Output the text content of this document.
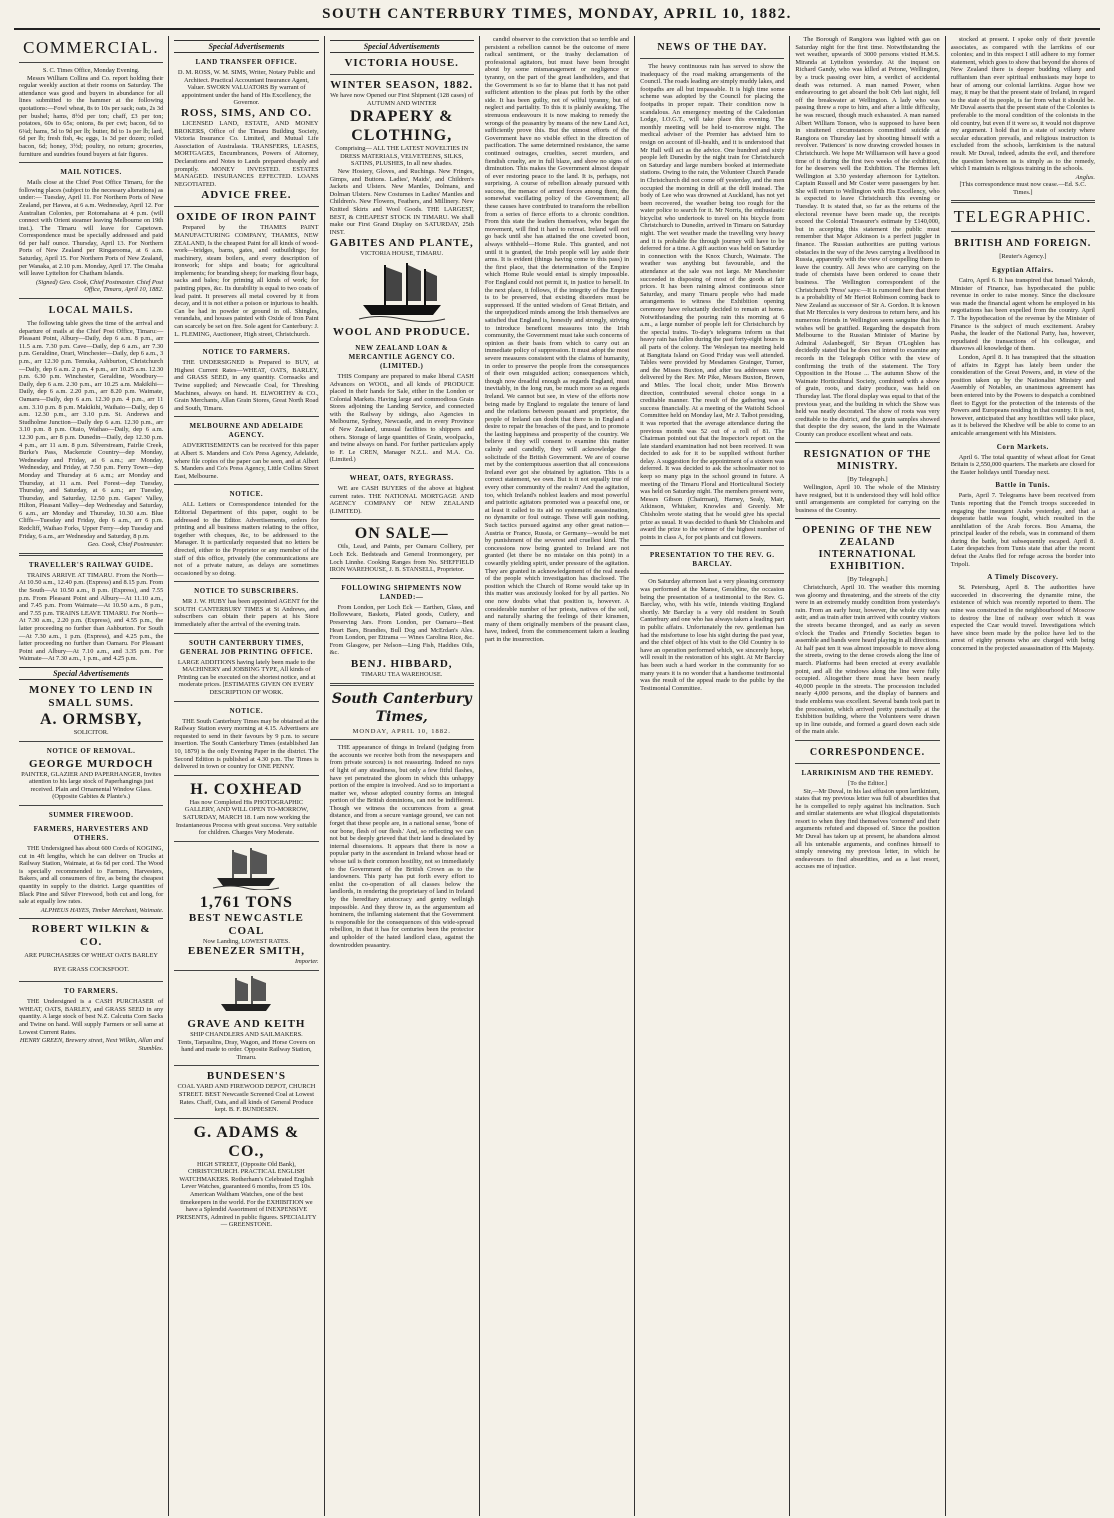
SOUTH CANTERBURY TIMES, MONDAY, APRIL 10, 1882.
COMMERCIAL.
S. C. Times Office, Monday Evening.

Messrs William Collins and Co. report holding their regular weekly auction at their rooms on Saturday. The attendance was good and buyers in abundance for all lines submitted to the hammer at the following quotations:—Fowl wheat, 8s to 10s per sack; oats, 2s 3d per bushel; hams, 8½d per ton; chaff, £3 per ton; potatoes, 60s to 65s; onions, 8s per cwt; bacon, 6d to 6¼d; hams, 5d to 9d per lb; butter, 8d to 1s per lb; lard, 6d per lb; fresh fish, 4s; eggs, 1s 3d per dozen; rolled bacon, 6d; honey, 3½d; poultry, no return; groceries, furniture and sundries found buyers at fair figures.

MAIL NOTICES.

Mails close at the Chief Post Office Timaru, for the following places (subject to the necessary alterations) as under:— Tuesday, April 11. For Northern Ports of New Zealand, per Hawea, at 6 a.m. Wednesday, April 12. For Australian Colonies, per Rotomahana at 4 p.m. (will connect with Orient steamer leaving Melbourne on 19th inst.). The Timaru will leave for Capetown. Correspondence must be specially addressed and paid 6d per half ounce. Thursday, April 13. For Northern Ports of New Zealand per Ringarooma, at 6 a.m. Saturday, April 15. For Northern Ports of New Zealand, per Wanaka, at 2.10 p.m. Monday, April 17. The Omaha will leave Lyttelton for Chatham Islands.

(Signed) Geo. Cook, Chief Postmaster. Chief Post Office, Timaru, April 10, 1882.

LOCAL MAILS.

The following table gives the time of the arrival and departure of mails at the Chief Post Office, Timaru:— Pleasant Point, Albury—Daily, dep 6 a.m. 8 p.m., arr 11.5 a.m. 7.30 p.m. Cave—Daily, dep 6 a.m., arr 7.30 p.m. Geraldine, Orari, Winchester—Daily, dep 6 a.m., 3 p.m., arr 12.30 p.m. Temuka, Ashburton, Christchurch—Daily, dep 6 a.m. 2 p.m. 4 p.m., arr 10.25 a.m. 12.30 p.m. 6.30 p.m. Winchester, Geraldine, Woodbury—Daily, dep 6 a.m. 2.30 p.m., arr 10.25 a.m. Makikihi—Daily, dep 6 a.m. 2.20 p.m., arr 8.20 p.m. Waimate, Oamaru—Daily, dep 6 a.m. 12.30 p.m. 4 p.m., arr 11 a.m. 3.10 p.m. 8 p.m. Makikihi, Waihaio—Daily, dep 6 a.m. 12.30 p.m., arr 3.10 p.m. St. Andrews and Studholme Junction—Daily dep 6 a.m. 12.30 p.m., arr 3.10 p.m. 8 p.m. Otaio, Waihao—Daily, dep 6 a.m. 12.30 p.m., arr 8 p.m. Dunedin—Daily, dep 12.30 p.m. 4 p.m., arr 11 a.m. 8 p.m. Silverstream, Fairlie Creek, Burke's Pass, Mackenzie Country—dep Monday, Wednesday and Friday, at 6 a.m.; arr Monday, Wednesday, and Friday, at 7.50 p.m. Ferry Town—dep Monday and Thursday at 6 a.m.; arr Monday and Thursday, at 11 a.m. Peel Forest—dep Tuesday, Thursday, and Saturday, at 6 a.m.; arr Tuesday, Thursday, and Saturday, 12.50 p.m. Gapes' Valley, Hilton, Pleasant Valley—dep Wednesday and Saturday, 6 a.m., arr Monday and Thursday, 10.30 a.m. Blue Cliffs—Tuesday and Friday, dep 6 a.m., arr 6 p.m. Redcliff, Waihao Forks, Upper Ferry—dep Tuesday and Friday, 6 a.m., arr Wednesday and Saturday, 8 p.m.

Geo. Cook, Chief Postmaster.

TRAVELLER'S RAILWAY GUIDE.

TRAINS ARRIVE AT TIMARU. From the North—At 10.50 a.m., 12.40 p.m. (Express) and 8.15 p.m. From the South—At 10.50 a.m., 8 p.m. (Express), and 7.55 p.m. From Pleasant Point and Albury—At 11.10 a.m., and 7.45 p.m. From Waimate—At 10.50 a.m., 8 p.m., and 7.55 p.m. TRAINS LEAVE TIMARU. For North—At 7.30 a.m., 2.20 p.m. (Express), and 4.55 p.m., the latter proceeding no further than Ashburton. For South—At 7.30 a.m., 1 p.m. (Express), and 4.25 p.m., the latter proceeding no further than Oamaru. For Pleasant Point and Albury—At 7.10 a.m., and 3.35 p.m. For Waimate—At 7.30 a.m., 1 p.m., and 4.25 p.m.

Special Advertisements
MONEY TO LEND IN SMALL SUMS.
A. ORMSBY,
SOLICITOR.
NOTICE OF REMOVAL.
GEORGE MURDOCH

PAINTER, GLAZIER AND PAPERHANGER, Invites attention to his large stock of Paperhangings just received. Plain and Ornamental Window Glass. (Opposite Gabites & Plante's.)

SUMMER FIREWOOD.
FARMERS, HARVESTERS AND OTHERS.

THE Undersigned has about 600 Cords of KOGING, cut in 4ft lengths, which he can deliver on Trucks at Railway Station, Waimate, at 6s 6d per cord. The Wood is specially recommended to Farmers, Harvesters, Bakers, and all consumers of fire, as being the cheapest quantity in supply to the district. Large quantities of Black Pine and Silver Firewood, both cut and long, for sale at equally low rates.

ALPHEUS HAYES, Timber Merchant, Waimate.

ROBERT WILKIN & CO.

ARE PURCHASERS OF WHEAT OATS BARLEY RYE GRASS COCKSFOOT.

TO FARMERS.

THE Undersigned is a CASH PURCHASER of WHEAT, OATS, BARLEY, and GRASS SEED in any quantity. A large stock of best N.Z. Calcutta Corn Sacks and Twine on hand. Will supply Farmers or sell same at Lowest Current Rates.

HENRY GREEN, Brewery street, Next Wilkin, Allan and Stumbles.

Special Advertisements
LAND TRANSFER OFFICE.

D. M. ROSS, W. M. SIMS, Writer, Notary Public and Architect. Practical Accountant Insurance Agent, Valuer. SWORN VALUATORS By warrant of appointment under the hand of His Excellency, the Governor.

ROSS, SIMS, AND CO.

LICENSED LAND, ESTATE, AND MONEY BROKERS, Office of the Timaru Building Society, Victoria Insurance Co. Limited, and Mutual Life Association of Australasia. TRANSFERS, LEASES, MORTGAGES, Encumbrances, Powers of Attorney, Declarations and Notes to Lands prepared cheaply and promptly. MONEY INVESTED. ESTATES MANAGED. INSURANCES EFFECTED. LOANS NEGOTIATED.

ADVICE FREE.
OXIDE OF IRON PAINT

Prepared by the THAMES PAINT MANUFACTURING COMPANY, THAMES, NEW ZEALAND, Is the cheapest Paint for all kinds of wood-work—bridges, barns, gates, and outbuildings; for machinery, steam boilers, and every description of ironwork; for ships and boats; for agricultural implements; for branding sheep; for marking flour bags, sacks and bales; for priming all kinds of work; for painting pipes, &c. Its durability is equal to two coats of lead paint. It preserves all metal covered by it from decay, and it is not either a poison or injurious to health. Can be had in powder or ground in oil. Shingles, verandahs, and houses painted with Oxide of Iron Paint can scarcely be set on fire. Sole agent for Canterbury: J. L. FLEMING, Auctioneer, High street, Christchurch.

NOTICE TO FARMERS.

THE UNDERSIGNED is Prepared to BUY, at Highest Current Rates—WHEAT, OATS, BARLEY, and GRASS SEED, in any quantity. Cornsacks and Twine supplied; and Newcastle Coal, for Threshing Machines, always on hand. H. ELWORTHY & CO., Grain Merchants, Allan Grain Stores, Great North Road and South, Timaru.

MELBOURNE AND ADELAIDE AGENCY.

ADVERTISEMENTS can be received for this paper at Albert S. Manders and Co's Press Agency, Adelaide, where file copies of the paper can be seen, and at Albert S. Manders and Co's Press Agency, Little Collins Street East, Melbourne.

NOTICE.

ALL Letters or Correspondence intended for the Editorial Department of this paper, ought to be addressed to the Editor. Advertisements, orders for printing and all business matters relating to the office, together with cheques, &c, to be addressed to the Manager. It is particularly requested that no letters be directed, either to the Proprietor or any member of the staff of this office, privately (the communications are not of a private nature, as delays are sometimes occasioned by so doing.

NOTICE TO SUBSCRIBERS.

MR J. W. HUBY has been appointed AGENT for the SOUTH CANTERBURY TIMES at St Andrews, and subscribers can obtain their papers at his Store immediately after the arrival of the evening train.

SOUTH CANTERBURY TIMES, GENERAL JOB PRINTING OFFICE.

LARGE ADDITIONS having lately been made to the MACHINERY and JOBBING TYPE, All kinds of Printing can be executed on the shortest notice, and at moderate prices. [ESTIMATES GIVEN ON EVERY DESCRIPTION OF WORK.

NOTICE.

THE South Canterbury Times may be obtained at the Railway Station every morning at 4.15. Advertisers are requested to send in their favours by 9 p.m. to secure insertion. The South Canterbury Times (established Jan 10, 1879) is the only Evening Paper in the district. The Second Edition is published at 4.30 p.m. The Times is delivered in town or country for ONE PENNY.

H. COXHEAD

Has now Completed His PHOTOGRAPHIC GALLERY, AND WILL OPEN TO-MORROW, SATURDAY, MARCH 18. I am now working the Instantaneous Process with great success. Very suitable for children. Charges Very Moderate.

1,761 TONS
BEST NEWCASTLE COAL
Now Landing, LOWEST RATES.
EBENEZER SMITH,
Importer.
GRAVE AND KEITH
SHIP CHANDLERS AND SAILMAKERS.

Tents, Tarpaulins, Dray, Wagon, and Horse Covers on hand and made to order. Opposite Railway Station, Timaru.

BUNDESEN'S

COAL YARD AND FIREWOOD DEPOT, CHURCH STREET. BEST Newcastle Screened Coal at Lowest Rates. Chaff, Oats, and all kinds of General Produce kept. B. F. BUNDESEN.

G. ADAMS & CO.,

HIGH STREET, (Opposite Old Bank), CHRISTCHURCH. PRACTICAL ENGLISH WATCHMAKERS. Rotherham's Celebrated English Lever Watches, guaranteed 6 months, from £5 10s. American Waltham Watches, one of the best timekeepers in the world. For the EXHIBITION we have a Splendid Assortment of INEXPENSIVE PRESENTS, Admired in public figures. SPECIALITY — GREENSTONE.

Special Advertisements
VICTORIA HOUSE.
WINTER SEASON, 1882.

We have now Opened our First Shipment (128 cases) of AUTUMN AND WINTER

DRAPERY & CLOTHING,

Comprising— ALL THE LATEST NOVELTIES IN DRESS MATERIALS, VELVETEENS, SILKS, SATINS, PLUSHES, In all new shades.

New Hosiery, Gloves, and Ruchings. New Fringes, Gimps, and Buttons. Ladies', Maids', and Children's Jackets and Ulsters. New Mantles, Dolmans, and Dolman Ulsters. New Costumes in Ladies' Mantles and Children's. New Flowers, Feathers, and Millinery. New Knitted Skirts and Wool Goods. THE LARGEST, BEST, & CHEAPEST STOCK IN TIMARU. We shall make our First Grand Display on SATURDAY, 25th INST.

GABITES AND PLANTE,
VICTORIA HOUSE, TIMARU.
WOOL AND PRODUCE.
NEW ZEALAND LOAN & MERCANTILE AGENCY CO. (LIMITED.)

THIS Company are prepared to make liberal CASH Advances on WOOL, and all kinds of PRODUCE placed in their hands for Sale, either in the London or Colonial Markets. Having large and commodious Grain Stores adjoining the Landing Service, and connected with the Railway by sidings, also Agencies in Melbourne, Sydney, Newcastle, and in every Province of New Zealand, unusual facilities to shippers and others. Storage of large quantities of Grain, woolpacks, and twine always on hand. For further particulars apply to F. Le CREN, Manager N.Z.L. and M.A. Co. (Limited.)

WHEAT, OATS, RYEGRASS.

WE are CASH BUYERS of the above at highest current rates. THE NATIONAL MORTGAGE AND AGENCY COMPANY OF NEW ZEALAND (LIMITED).

ON SALE—

Oils, Lead, and Paints, per Oamaru Colliery, per Loch Eck. Bedsteads and General Ironmongery, per Loch Linnhe. Cooking Ranges from No. SHEFFIELD IRON WAREHOUSE, J. B. STANSELL, Proprietor.

FOLLOWING SHIPMENTS NOW LANDED:—

From London, per Loch Eck — Earthen, Glass, and Hollowware, Baskets, Plated goods, Cutlery, and Preserving Jars. From London, per Oamaru—Best Heart Bars, Brandies, Bull Dog and McErdan's Ales. From London, per Ettrama — Wines Carolina Rice, &c. From Glasgow, per Nelson—Ling Fish, Haddies Oils, &c.

BENJ. HIBBARD,
TIMARU TEA WAREHOUSE.
South Canterbury Times,
MONDAY, APRIL 10, 1882.

THE appearance of things in Ireland (judging from the accounts we receive both from the newspapers and from private sources) is not reassuring. Indeed no rays of light of any steadiness, but only a few fitful flashes, have yet penetrated the gloom in which this unhappy portion of the empire is involved. And so to important a matter we, whose adopted country forms an integral portion of the British dominions, can not be indifferent. Though we witness the occurrences from a great distance, and from a secure vantage ground, we can not forget that these people are, in a national sense, 'bone of our bone, flesh of our flesh.' And, so reflecting we can not but be deeply grieved that their land is desolated by internal dissensions. It appears that there is now a popular party in the ascendant in Ireland whose head or whose tail is their common hostility, not so immediately to the Government of the British Crown as to the landowners. This party has put forth every effort to enlist the co-operation of all classes below the landlords, in rendering the proprietary of land in Ireland by the hereditary aristocracy and gentry wellnigh impossible. And they throw in, as the argumentum ad hominem, the inflaming statement that the Government is responsible for the consequences of this wide-spread rebellion, in that it has for centuries been the protector and upholder of the hated landlord class, against the downtrodden peasantry.

candid observer to the conviction that so terrible and persistent a rebellion cannot be the outcome of mere radical sentiment, or the trashy declamation of professional agitators, but must have been brought about by some mismanagement or negligence or tyranny, on the part of the great landholders, and that the Government is so far to blame that it has not paid sufficient attention to the pleas put forth by the other side. It has been guilty, not of wilful tyranny, but of neglect and partiality. To this it is plainly awaking. The strenuous endeavours it is now making to remedy the wrongs of the peasantry by means of the new Land Act, sufficiently prove this. But the utmost efforts of the Government have no visible effect in the direction of pacification. The same determined resistance, the same continued outrages, cruelties, secret murders, and fiendish cruelty, are in full blaze, and show no signs of diminution. This makes the Government almost despair of ever restoring peace to the land. It is, perhaps, not surprising. A course of rebellion already pursued with success, the menace of armed forces among them, the somewhat vacillating policy of the Government; all these causes have contributed to transform the rebellion from a series of fierce efforts to a chronic condition. From this state the leaders themselves, who began the movement, will find it hard to retreat. Ireland will not go back until she has attained the one coveted boon, always withheld—Home Rule. This granted, and not until it is granted, the Irish people will lay aside their arms. It is evident (things having come to this pass) in the first place, that the determination of the Empire which Home Rule would entail is simply impossible. For England could not permit it, in justice to herself. In the next place, it follows, if the integrity of the Empire is to be preserved, that existing disorders must be suppressed. If the united wisdom of Great Britain, and the unprejudiced minds among the Irish themselves are satisfied that England is, honestly and strongly, striving to introduce beneficent measures into the Irish community, the Government must take such concerns of opinion as their basis from which to carry out an immediate policy of suppression. It must adopt the most severe measures consistent with the claims of humanity, in order to preserve the people from the consequences of their own misguided action; consequences which, though now dreadful enough as regards England, must inevitably, in the long run, be much more so as regards Ireland. We cannot but see, in view of the efforts now being made by England to regulate the tenure of land and the relations between peasant and proprietor, the people of Ireland can doubt that there is in England a desire to repair the breaches of the past, and to promote the lasting happiness and prosperity of the country. We believe if they will consent to examine this matter calmly and candidly, they will acknowledge the solicitude of the British Government. We are of course met by the contemptuous assertion that all concessions Ireland ever got she obtained by agitation. This is a correct statement, we own. But is it not equally true of every other community of the realm? And the agitation, too, which Ireland's noblest leaders and most powerful and patriotic agitators promoted was a peaceful one, or at least it called to its aid no systematic assassination, no dynamite or foul outrage. These will gain nothing. Such tactics pursued against any other great nation—Austria or France, Russia, or Germany—would be met by punishment of the severest and cruellest kind. The concessions now being granted to Ireland are not granted (let there be no mistake on this point) in a cowardly yielding spirit, under pressure of the agitation. They are granted in acknowledgement of the real needs of the people which investigation has disclosed. The position which the Church of Rome would take up in this matter was anxiously looked for by all parties. No one now doubts what that position is, however. A considerable number of her priests, natives of the soil, and naturally sharing the feelings of their kinsmen, many of them originally members of the peasant class, have, indeed, from the commencement taken a leading part in the insurrection.

NEWS OF THE DAY.

The heavy continuous rain has served to show the inadequacy of the road making arrangements of the Council. The roads leading are simply muddy lakes, and footpaths are all but impassable. It is high time some scheme was adopted by the Council for placing the footpaths in proper repair. Their condition now is scandalous. An emergency meeting of the Caledonian Lodge, I.O.G.T., will take place this evening. The monthly meeting will be held to-morrow night. The medical adviser of the Premier has advised him to resign on account of ill-health, and it is understood that Mr Hall will act as the advice. One hundred and sixty people left Dunedin by the night train for Christchurch on Saturday and large numbers booked at intermediate stations. Owing to the rain, the Volunteer Church Parade in Christchurch did not come off yesterday, and the men occupied the morning in drill at the drill instead. The body of Lee who was drowned at Auckland, has not yet been recovered, the weather being too rough for the water police to search for it. Mr Norris, the enthusiastic bicyclist who undertook to travel on his bicycle from Christchurch to Dunedin, arrived in Timaru on Saturday night. The wet weather made the travelling very heavy and it is probable the through journey will have to be deferred for a time. A gift auction was held on Saturday in connection with the Knox Church, Waimate. The weather was anything but favourable, and the attendance at the sale was not large. Mr Manchester succeeded in disposing of most of the goods at fair prices. It has been raining almost continuous since Saturday, and many Timaru people who had made arrangements to witness the Exhibition opening ceremony have reluctantly decided to remain at home. Notwithstanding the pouring rain this morning at 6 a.m., a large number of people left for Christchurch by the special trains. To-day's telegrams inform us that heavy rain has fallen during the past forty-eight hours in all parts of the colony. The Wesleyan tea meeting held at Bangitata Island on Good Friday was well attended. Tables were provided by Mesdames Grainger, Turner, and the Misses Buxton, and after tea addresses were delivered by the Rev. Mr Pike, Messrs Buxton, Brown, and Miles. The local choir, under Miss Brown's direction, contributed several choice songs in a creditable manner. The result of the gathering was a success financially. At a meeting of the Waitohi School Committee held on Monday last, Mr J. Talbot presiding, it was reported that the average attendance during the previous month was 52 out of a roll of 81. The Chairman pointed out that the Inspector's report on the late standard examination had not been received. It was decided to ask for it to be supplied without further delay. A suggestion for the appointment of a sixteen was deferred. It was decided to ask the schoolmaster not to keep so many pigs in the school ground in future. A meeting of the Timaru Floral and Horticultural Society was held on Saturday night. The members present were, Messrs Gibson (Chairman), Harney, Sealy, Mair, Atkinson, Whitaker, Knowles and Greenly. Mr Chisholm wrote stating that he would give his special prize as usual. It was decided to thank Mr Chisholm and award the prize to the winner of the highest number of points in class A, for pot plants and cut flowers.

PRESENTATION TO THE REV. G. BARCLAY.

On Saturday afternoon last a very pleasing ceremony was performed at the Manse, Geraldine, the occasion being the presentation of a testimonial to the Rev. G. Barclay, who, with his wife, intends visiting England shortly. Mr Barclay is a very old resident in South Canterbury and one who has always taken a leading part in public affairs. Unfortunately the rev. gentleman has had the misfortune to lose his sight during the past year, and the chief object of his visit to the Old Country is to have an operation performed which, we sincerely hope, will result in the restoration of his sight. At Mr Barclay has been such a hard worker in the community for so many years it is no wonder that a handsome testimonial was the result of the appeal made to the public by the Testimonial Committee.

The Borough of Rangiora was lighted with gas on Saturday night for the first time. Notwithstanding the wet weather, upwards of 3000 persons visited H.M.S. Miranda at Lyttelton yesterday. At the inquest on Richard Gandy, who was killed at Petone, Wellington, by a truck passing over him, a verdict of accidental death was returned. A man named Power, when endeavouring to get aboard the bolt Orb last night, fell off the breakwater at Wellington. A lady who was passing threw a rope to him, and after a little difficulty, he was rescued, though much exhausted. A man named Albert William Tonson, who is supposed to have been in straitened circumstances committed suicide at Rangiora on Thursday last by shooting himself with a revolver. 'Patiences' is now drawing crowded houses in Christchurch. We hope Mr Williamson will have a good time of it during the first two weeks of the exhibition, for he deserves well the Exhibition. The Hermes left Wellington at 3.30 yesterday afternoon for Lyttelton. Captain Russell and Mr Coster were passengers by her. She will return to Wellington with His Excellency, who is expected to leave Christchurch this evening or Tuesday. It is stated that, so far as the returns of the electoral revenue have been made up, the receipts exceed the Colonial Treasurer's estimate by £140,000, but in accepting this statement the public must remember that Major Atkinson is a perfect juggler in finance. The Russian authorities are putting various obstacles in the way of the Jews carrying a livelihood in Russia, apparently with the view of compelling them to leave the country. All Jews who are carrying on the trade of chemists have been ordered to cease their business. The Wellington correspondent of the Christchurch 'Press' says:—It is rumored here that there is a probability of Mr Heriot Robinson coming back to New Zealand as successor of Sir A. Gordon. It is known that Mr Hercules is very desirous to return here, and his numerous friends in Wellington seem sanguine that his wishes will be gratified. Regarding the despatch from Melbourne to the Russian Minister of Marine by Admiral Aslanbegoff, Sir Bryan O'Loghlen has decidedly stated that he does not intend to examine any records in the Telegraph Office with the view of confirming the truth of the statement. The Tory Opposition in the House ... The autumn Show of the Waimate Horticultural Society, combined with a show of grain, roots, and dairy produce, was held on Thursday last. The floral display was equal to that of the previous year, and the building in which the Show was held was neatly decorated. The show of roots was very creditable to the district, and the grain samples showed that despite the dry season, the land in the Waimate County can produce excellent wheat and oats.

RESIGNATION OF THE MINISTRY.
[By Telegraph.]

Wellington, April 10. The whole of the Ministry have resigned, but it is understood they will hold office until arrangements are completed for carrying on the business of the Country.

OPENING OF THE NEW ZEALAND INTERNATIONAL EXHIBITION.
[By Telegraph.]

Christchurch, April 10. The weather this morning was gloomy and threatening, and the streets of the city were in an extremely muddy condition from yesterday's rain. From an early hour, however, the whole city was astir, and as train after train arrived with country visitors the streets became thronged, and as early as seven o'clock the Trades and Friendly Societies began to assemble and bands were heard playing in all directions. At half past ten it was almost impossible to move along the streets, owing to the dense crowds along the line of march. Platforms had been erected at every available point, and all the windows along the line were fully occupied. Altogether there must have been nearly 40,000 people in the streets. The procession included nearly 4,000 persons, and the display of banners and trade emblems was excellent. Several bands took part in the procession, which arrived pretty punctually at the Exhibition building, where the Volunteers were drawn up in line outside, and formed a guard down each side of the main aisle.

CORRESPONDENCE.
LARRIKINISM AND THE REMEDY.
[To the Editor.]

Sir,—Mr Duval, in his last effusion upon larrikinism, states that my previous letter was full of absurdities that he is compelled to reply against his inclination. Such and similar statements are what illogical disputationists resort to when they find themselves 'cornered' and their arguments refuted and disposed of. Since the position Mr Duval has taken up at present, he abandons almost all his untenable arguments, and confines himself to simply renewing my previous letter, in which he endeavours to find absurdities, and as a last resort, accuses me of injustice.

stocked at present. I spoke only of their juvenile associates, as compared with the larrikins of our colonies; and in this respect I still adhere to my former statement, which goes to show that beyond the shores of New Zealand there is deeper budding villany and ruffianism than ever spiritual enthusiasts may hope to hear of among our colonial larrikins. Argue how we may, it may be that the present state of Ireland, in regard to the state of its people, is far from what it should be. Mr Duval asserts that the present state of the Colonies is preferable to the moral condition of the colonists in the old country, but even if it were so, it would not disprove my argument. I hold that in a state of society where secular education prevails, and religious instruction is excluded from the schools, larrikinism is the natural result. Mr Duval, indeed, admits the evil, and therefore the question between us is simply as to the remedy, which I maintain is religious training in the schools.

Anglus.

[This correspondence must now cease.—Ed. S.C. Times.]

TELEGRAPHIC.
BRITISH AND FOREIGN.
[Reuter's Agency.]
Egyptian Affairs.

Cairo, April 6. It has transpired that Ismael Yakoub, Minister of Finance, has hypothecated the public revenue in order to raise money. Since the disclosure was made the financial agent whom he employed in his negotiations has been expelled from the country. April 7. The hypothecation of the revenue by the Minister of Finance is the subject of much excitement. Arabey Pasha, the leader of the National Party, has, however, repudiated the transactions of his colleague, and disavows all knowledge of them.

London, April 8. It has transpired that the situation of affairs in Egypt has lately been under the consideration of the Great Powers, and, in view of the position taken up by the Nationalist Ministry and Assembly of Notables, an unanimous agreement has been entered into by the Powers to despatch a combined fleet to Egypt for the protection of the interests of the Powers and Europeans residing in that country. It is not, however, anticipated that any hostilities will take place, as it is believed the Khedive will be able to come to an amicable arrangement with his Ministers.

Corn Markets.

April 6. The total quantity of wheat afloat for Great Britain is 2,550,000 quarters. The markets are closed for the Easter holidays until Tuesday next.

Battle in Tunis.

Paris, April 7. Telegrams have been received from Tunis reporting that the French troops succeeded in engaging the insurgent Arabs yesterday, and that a desperate battle was fought, which resulted in the annihilation of the Arab forces. Bou Amama, the principal leader of the rebels, was in command of them during the battle, but subsequently escaped. April 8. Later despatches from Tunis state that after the recent defeat the Arabs fled for refuge across the border into Tripoli.

A Timely Discovery.

St. Petersburg, April 8. The authorities have succeeded in discovering the dynamite mine, the existence of which was recently reported to them. The mine was constructed in the neighbourhood of Moscow to destroy the line of railway over which it was expected the Czar would travel. Investigations which have since been made by the police have led to the arrest of eighty persons who are charged with being concerned in the projected assassination of His Majesty.
